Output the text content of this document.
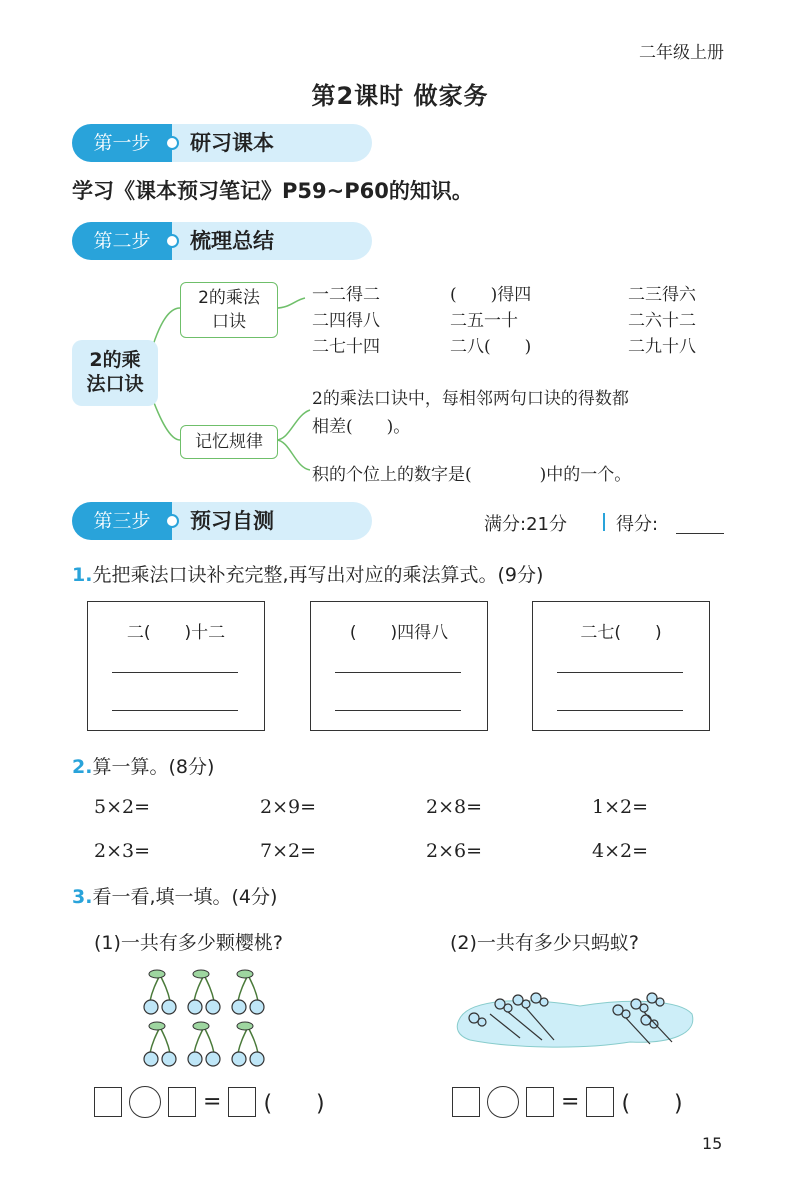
二年级上册
第2课时 做家务
第一步	研习课本
学习《课本预习笔记》P59~P60的知识。
第二步	梳理总结
2的乘法口诀
2的乘法口诀
记忆规律
一二得二	(　　)得四	二三得六
二四得八	二五一十	二六十二
二七十四	二八(　　)	二九十八
2的乘法口诀中，每相邻两句口诀的得数都
相差(　　)。
积的个位上的数字是(　　　　)中的一个。
第三步	预习自测	满分:21分	得分:
1.先把乘法口诀补充完整,再写出对应的乘法算式。(9分)
二(　　)十二	(　　)四得八	二七(　　)
2.算一算。(8分)
5×2=	2×9=	2×8=	1×2=
2×3=	7×2=	2×6=	4×2=
3.看一看,填一填。(4分)
(1)一共有多少颗樱桃?	(2)一共有多少只蚂蚁?
= (　　)	= (　　)
15
